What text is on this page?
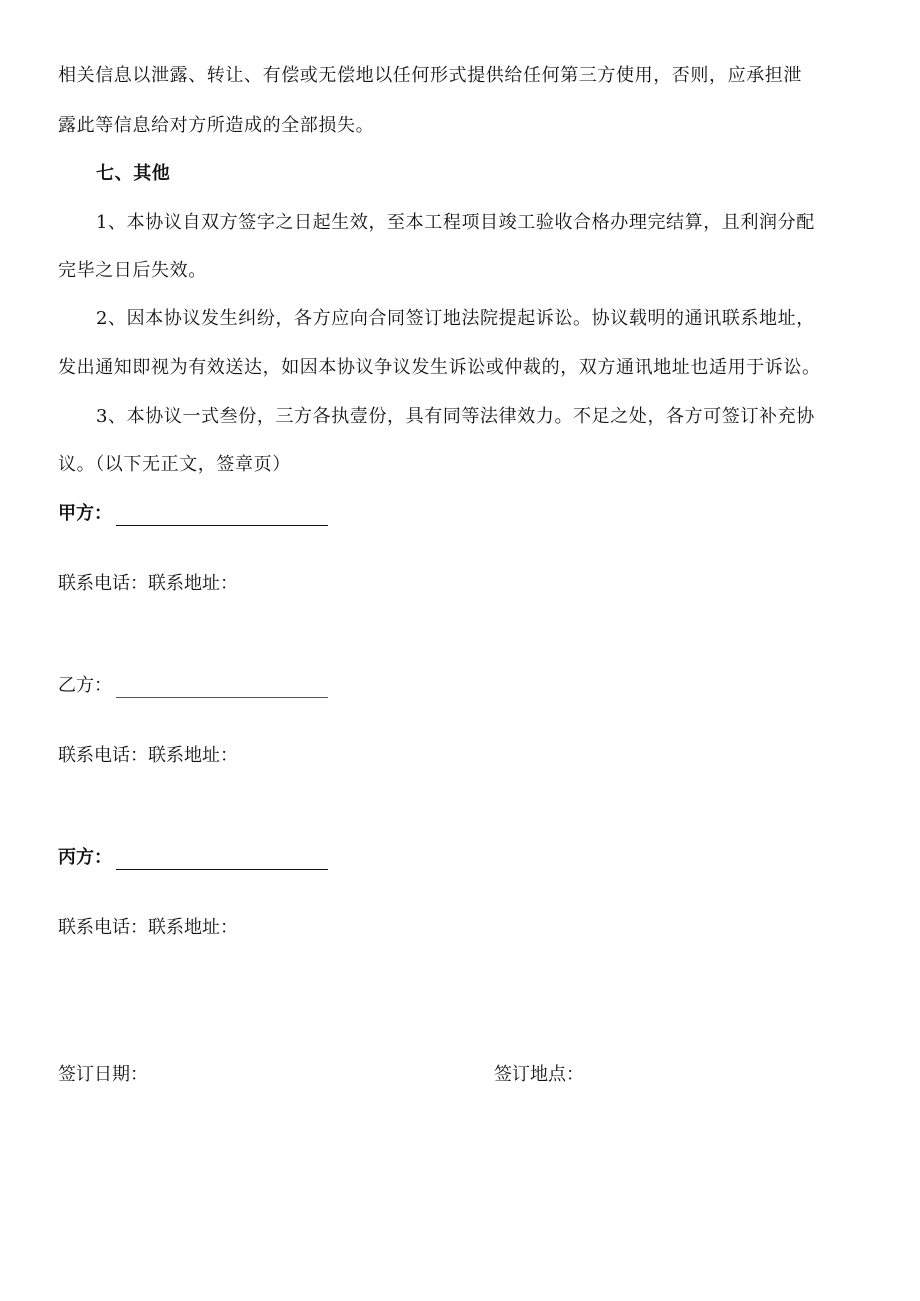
相关信息以泄露、转让、有偿或无偿地以任何形式提供给任何第三方使用，否则，应承担泄
露此等信息给对方所造成的全部损失。
七、其他
1、本协议自双方签字之日起生效，至本工程项目竣工验收合格办理完结算，且利润分配
完毕之日后失效。
2、因本协议发生纠纷，各方应向合同签订地法院提起诉讼。协议载明的通讯联系地址，
发出通知即视为有效送达，如因本协议争议发生诉讼或仲裁的，双方通讯地址也适用于诉讼。
3、本协议一式叁份，三方各执壹份，具有同等法律效力。不足之处，各方可签订补充协
议。（以下无正文，签章页）
甲方：
联系电话：联系地址：
乙方：
联系电话：联系地址：
丙方：
联系电话：联系地址：
签订日期：	签订地点：
